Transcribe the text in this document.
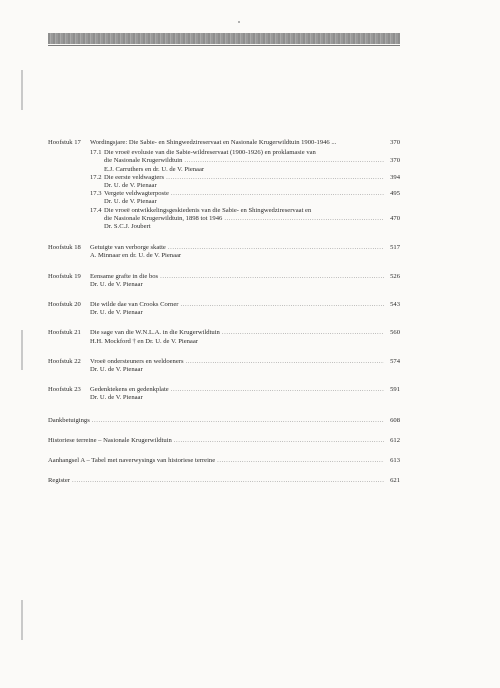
Hoofstuk 17	Wordingsjare: Die Sabie- en Shingwedzireservaat en Nasionale Krugerwildtuin 1900-1946 ...	370
17.1 Die vroeë evolusie van die Sabie-wildreservaat (1900-1926) en proklamasie van
die Nasionale Krugerwildtuin .....	370
E.J. Carruthers en dr. U. de V. Pienaar
17.2 Die eerste veldwagters .....	394
Dr. U. de V. Pienaar
17.3 Vergete veldwagterposte .....	495
Dr. U. de V. Pienaar
17.4 Die vroeë ontwikkelingsgeskiedenis van die Sabie- en Shingwedzireservaat en
die Nasionale Krugerwildtuin, 1898 tot 1946 .....	470
Dr. S.C.J. Joubert
Hoofstuk 18	Getuigte van verborge skatte .....	517
A. Minnaar en dr. U. de V. Pienaar
Hoofstuk 19	Eensame grafte in die bos .....	526
Dr. U. de V. Pienaar
Hoofstuk 20	Die wilde dae van Crooks Corner .....	543
Dr. U. de V. Pienaar
Hoofstuk 21	Die sage van die W.N.L.A. in die Krugerwildtuin .....	560
H.H. Mockford † en Dr. U. de V. Pienaar
Hoofstuk 22	Vroeë ondersteuners en weldoeners .....	574
Dr. U. de V. Pienaar
Hoofstuk 23	Gedenktekens en gedenkplate .....	591
Dr. U. de V. Pienaar
Dankbetuigings .....	608
Historiese terreine – Nasionale Krugerwildtuin .....	612
Aanhangsel A – Tabel met naverwysings van historiese terreine .....	613
Register .....	621
